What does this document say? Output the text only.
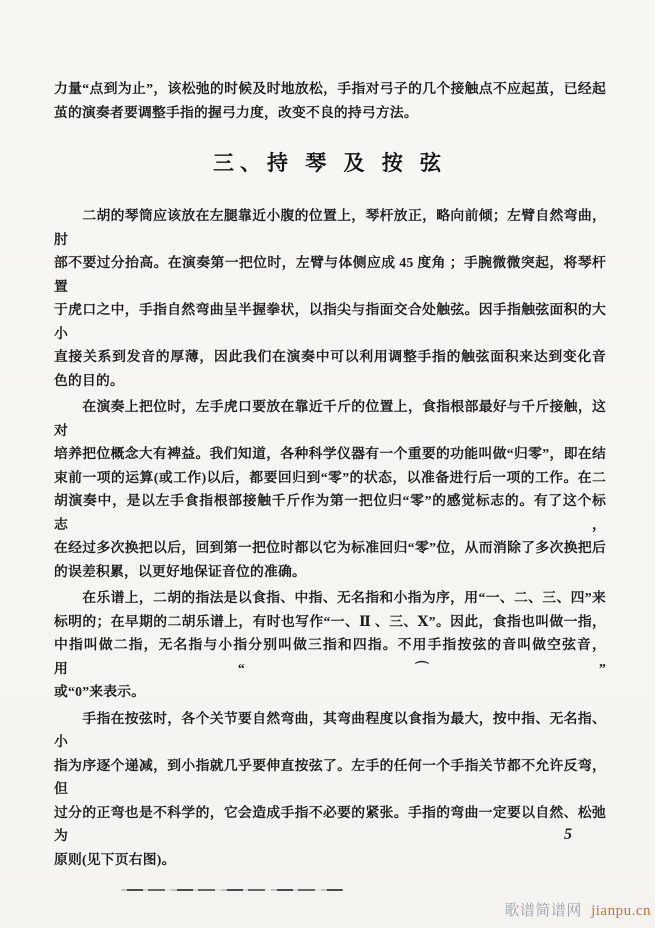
力量“点到为止”，该松弛的时候及时地放松，手指对弓子的几个接触点不应起茧，已经起
茧的演奏者要调整手指的握弓力度，改变不良的持弓方法。
三、持 琴 及 按 弦
　　二胡的琴筒应该放在左腿靠近小腹的位置上，琴杆放正，略向前倾；左臂自然弯曲，肘
部不要过分抬高。在演奏第一把位时，左臂与体侧应成 45 度角 ；手腕微微突起，将琴杆置
于虎口之中，手指自然弯曲呈半握拳状，以指尖与指面交合处触弦。因手指触弦面积的大小
直接关系到发音的厚薄，因此我们在演奏中可以利用调整手指的触弦面积来达到变化音
色的目的。
　　在演奏上把位时，左手虎口要放在靠近千斤的位置上，食指根部最好与千斤接触，这对
培养把位概念大有裨益。我们知道，各种科学仪器有一个重要的功能叫做“归零”，即在结
束前一项的运算(或工作)以后，都要回归到“零”的状态，以准备进行后一项的工作。在二
胡演奏中，是以左手食指根部接触千斤作为第一把位归“零”的感觉标志的。有了这个标志，
在经过多次换把以后，回到第一把位时都以它为标准回归“零”位，从而消除了多次换把后
的误差积累，以更好地保证音位的准确。
　　在乐谱上，二胡的指法是以食指、中指、无名指和小指为序，用“一、二、三、四”来
标明的；在早期的二胡乐谱上，有时也写作“一、Ⅱ 、三、Ⅹ”。因此，食指也叫做一指，
中指叫做二指，无名指与小指分别叫做三指和四指。不用手指按弦的音叫做空弦音，用“⌒”
或“0”来表示。
　　手指在按弦时，各个关节要自然弯曲，其弯曲程度以食指为最大，按中指、无名指、小
指为序逐个递减，到小指就几乎要伸直按弦了。左手的任何一个手指关节都不允许反弯，但
过分的正弯也是不科学的，它会造成手指不必要的紧张。手指的弯曲一定要以自然、松弛为
原则(见下页右图)。
5
歌谱简谱网 jianpu.cn
